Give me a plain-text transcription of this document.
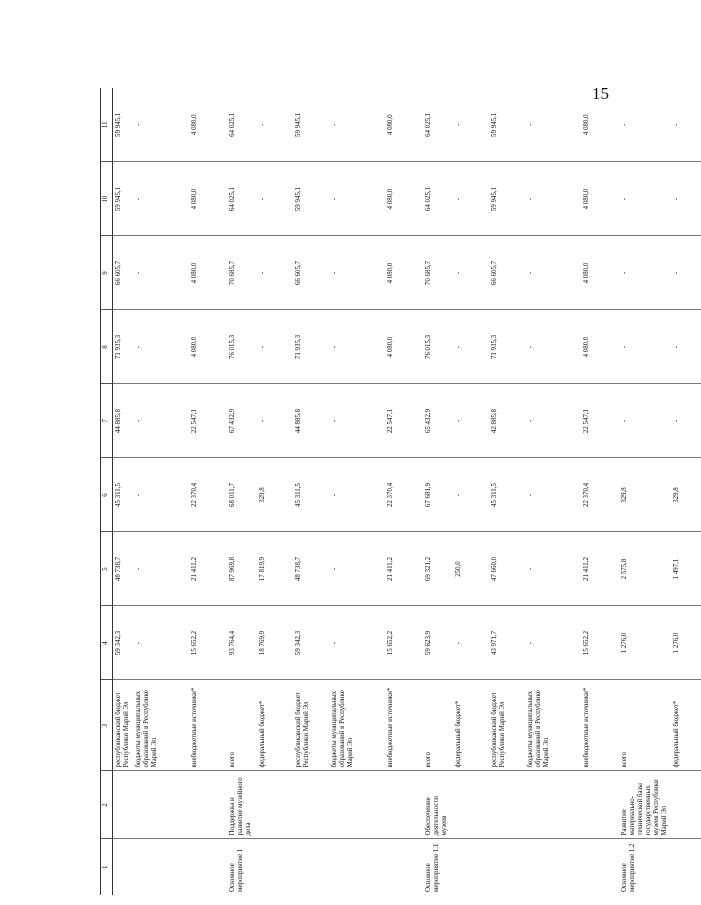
15
1	2	3	4	5	6	7	8	9	10	11
		республиканский бюджет Республики Марий Эл	59 342,3	48 738,7	45 311,5	44 885,8	71 935,3	66 605,7	59 945,1	59 945,1
		бюджеты муниципальных образований в Республике Марий Эл	-	-	-	-	-	-	-	-
		внебюджетные источники*	15 652,2	21 411,2	22 370,4	22 547,1	4 080,0	4 080,0	4 080,0	4 080,0
Основное мероприятие 1	Поддержка и развитие музейного дела	всего	93 764,4	87 969,8	68 011,7	67 432,9	76 015,3	70 685,7	64 025,1	64 025,1
		федеральный бюджет*	18 769,9	17 819,9	329,8	-	-	-	-	-
		республиканский бюджет Республики Марий Эл	59 342,3	48 738,7	45 311,5	44 885,8	71 935,3	66 605,7	59 945,1	59 945,1
		бюджеты муниципальных образований в Республике Марий Эл	-	-	-	-	-	-	-	-
		внебюджетные источники*	15 652,2	21 411,2	22 370,4	22 547,1	4 080,0	4 080,0	4 080,0	4 080,0
Основное мероприятие 1.1	Обеспечение деятельности музеев	всего	59 623,9	69 321,2	67 681,9	65 432,9	76 015,3	70 685,7	64 025,1	64 025,1
		федеральный бюджет*	-	250,0	-	-	-	-	-	-
		республиканский бюджет Республики Марий Эл	43 971,7	47 660,0	45 311,5	42 885,8	71 935,3	66 605,7	59 945,1	59 945,1
		бюджеты муниципальных образований в Республике Марий Эл	-	-	-	-	-	-	-	-
		внебюджетные источники*	15 652,2	21 411,2	22 370,4	22 547,1	4 080,0	4 080,0	4 080,0	4 080,0
Основное мероприятие 1.2	Развитие материально-технической базы государственных музеев Республики Марий Эл	всего	1 276,0	2 575,8	329,8	-	-	-	-	-
		федеральный бюджет*	1 276,0	1 497,1	329,8	-	-	-	-	-
